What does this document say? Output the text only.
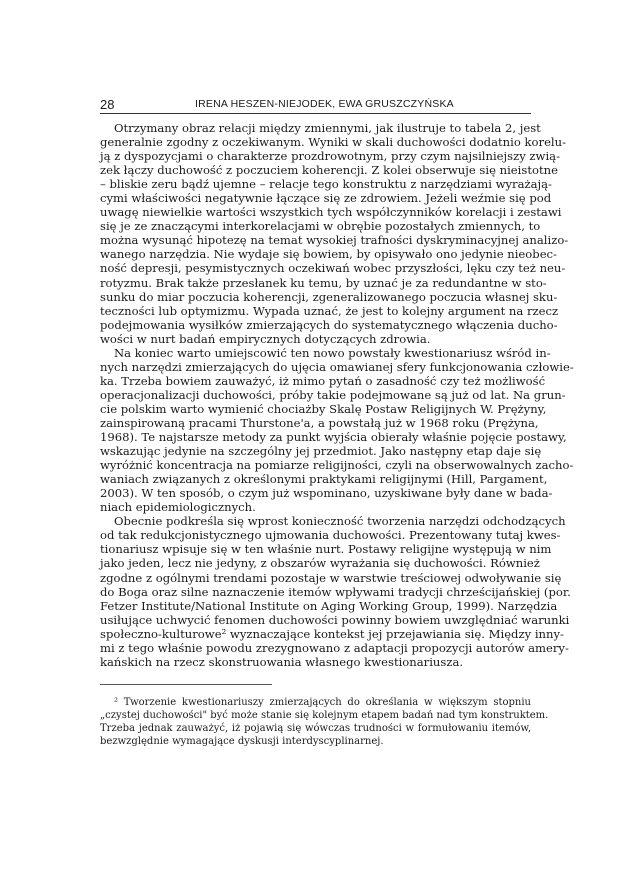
28	IRENA HESZEN-NIEJODEK, EWA GRUSZCZYŃSKA
Otrzymany obraz relacji między zmiennymi, jak ilustruje to tabela 2, jest
generalnie zgodny z oczekiwanym. Wyniki w skali duchowości dodatnio korelu-
ją z dyspozycjami o charakterze prozdrowotnym, przy czym najsilniejszy zwią-
zek łączy duchowość z poczuciem koherencji. Z kolei obserwuje się nieistotne
– bliskie zeru bądź ujemne – relacje tego konstruktu z narzędziami wyrażają-
cymi właściwości negatywnie łączące się ze zdrowiem. Jeżeli weźmie się pod
uwagę niewielkie wartości wszystkich tych współczynników korelacji i zestawi
się je ze znaczącymi interkorelacjami w obrębie pozostałych zmiennych, to
można wysunąć hipotezę na temat wysokiej trafności dyskryminacyjnej analizo-
wanego narzędzia. Nie wydaje się bowiem, by opisywało ono jedynie nieobec-
ność depresji, pesymistycznych oczekiwań wobec przyszłości, lęku czy też neu-
rotyzmu. Brak także przesłanek ku temu, by uznać je za redundantne w sto-
sunku do miar poczucia koherencji, zgeneralizowanego poczucia własnej sku-
teczności lub optymizmu. Wypada uznać, że jest to kolejny argument na rzecz
podejmowania wysiłków zmierzających do systematycznego włączenia ducho-
wości w nurt badań empirycznych dotyczących zdrowia.
Na koniec warto umiejscowić ten nowo powstały kwestionariusz wśród in-
nych narzędzi zmierzających do ujęcia omawianej sfery funkcjonowania człowie-
ka. Trzeba bowiem zauważyć, iż mimo pytań o zasadność czy też możliwość
operacjonalizacji duchowości, próby takie podejmowane są już od lat. Na grun-
cie polskim warto wymienić chociażby Skalę Postaw Religijnych W. Prężyny,
zainspirowaną pracami Thurstone'a, a powstałą już w 1968 roku (Prężyna,
1968). Te najstarsze metody za punkt wyjścia obierały właśnie pojęcie postawy,
wskazując jedynie na szczególny jej przedmiot. Jako następny etap daje się
wyróżnić koncentracja na pomiarze religijności, czyli na obserwowalnych zacho-
waniach związanych z określonymi praktykami religijnymi (Hill, Pargament,
2003). W ten sposób, o czym już wspominano, uzyskiwane były dane w bada-
niach epidemiologicznych.
Obecnie podkreśla się wprost konieczność tworzenia narzędzi odchodzących
od tak redukcjonistycznego ujmowania duchowości. Prezentowany tutaj kwes-
tionariusz wpisuje się w ten właśnie nurt. Postawy religijne występują w nim
jako jeden, lecz nie jedyny, z obszarów wyrażania się duchowości. Również
zgodne z ogólnymi trendami pozostaje w warstwie treściowej odwoływanie się
do Boga oraz silne naznaczenie itemów wpływami tradycji chrześcijańskiej (por.
Fetzer Institute/National Institute on Aging Working Group, 1999). Narzędzia
usiłujące uchwycić fenomen duchowości powinny bowiem uwzględniać warunki
społeczno-kulturowe² wyznaczające kontekst jej przejawiania się. Między inny-
mi z tego właśnie powodu zrezygnowano z adaptacji propozycji autorów amery-
kańskich na rzecz skonstruowania własnego kwestionariusza.
² Tworzenie kwestionariuszy zmierzających do określania w większym stopniu
„czystej duchowości" być może stanie się kolejnym etapem badań nad tym konstruktem.
Trzeba jednak zauważyć, iż pojawią się wówczas trudności w formułowaniu itemów,
bezwzględnie wymagające dyskusji interdyscyplinarnej.
